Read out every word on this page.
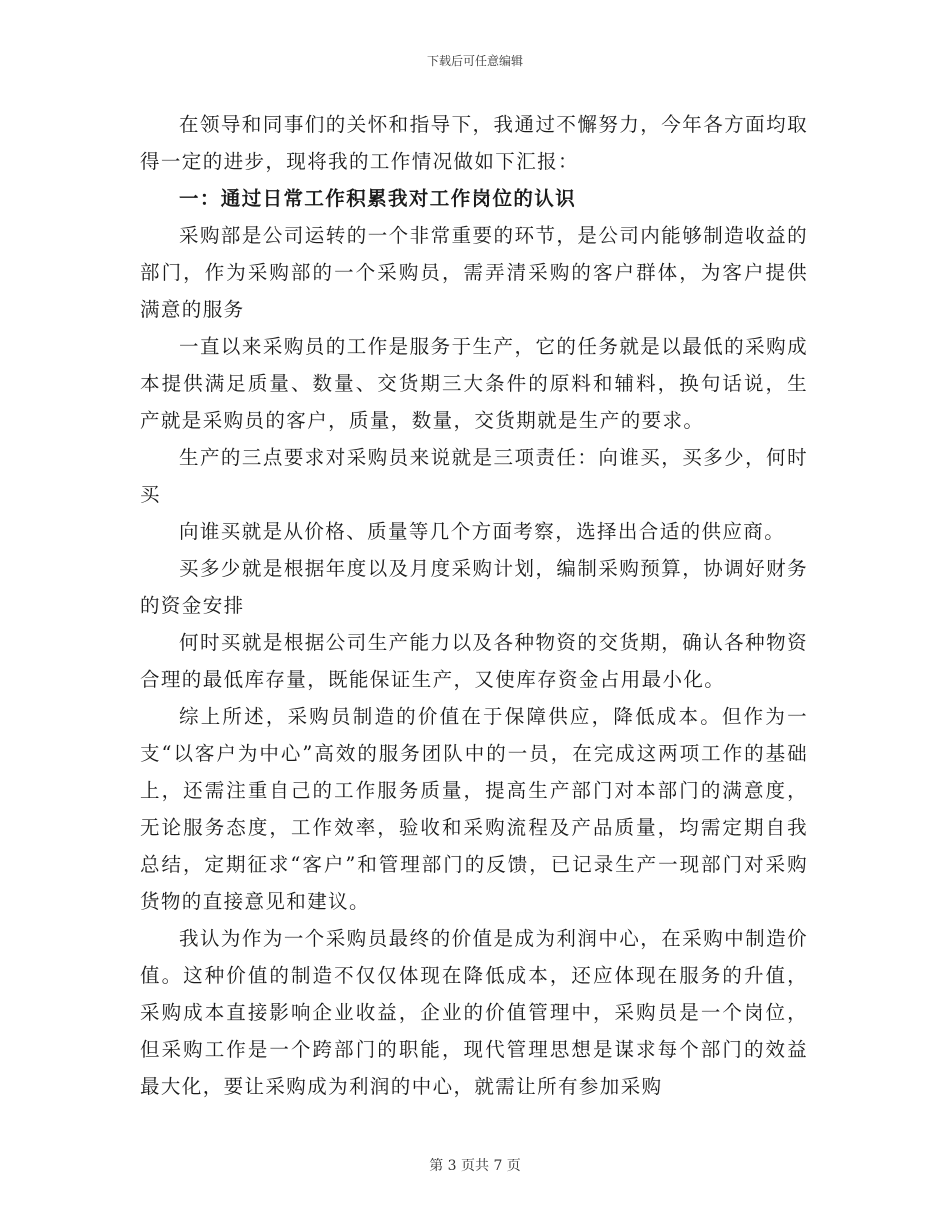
下载后可任意编辑

在领导和同事们的关怀和指导下，我通过不懈努力，今年各方面均取得一定的进步，现将我的工作情况做如下汇报：

一：通过日常工作积累我对工作岗位的认识

采购部是公司运转的一个非常重要的环节，是公司内能够制造收益的部门，作为采购部的一个采购员，需弄清采购的客户群体，为客户提供满意的服务

一直以来采购员的工作是服务于生产，它的任务就是以最低的采购成本提供满足质量、数量、交货期三大条件的原料和辅料，换句话说，生产就是采购员的客户，质量，数量，交货期就是生产的要求。

生产的三点要求对采购员来说就是三项责任：向谁买，买多少，何时买

向谁买就是从价格、质量等几个方面考察，选择出合适的供应商。

买多少就是根据年度以及月度采购计划，编制采购预算，协调好财务的资金安排

何时买就是根据公司生产能力以及各种物资的交货期，确认各种物资合理的最低库存量，既能保证生产，又使库存资金占用最小化。

综上所述，采购员制造的价值在于保障供应，降低成本。但作为一支“以客户为中心”高效的服务团队中的一员，在完成这两项工作的基础上，还需注重自己的工作服务质量，提高生产部门对本部门的满意度，无论服务态度，工作效率，验收和采购流程及产品质量，均需定期自我总结，定期征求“客户”和管理部门的反馈，已记录生产一现部门对采购货物的直接意见和建议。

我认为作为一个采购员最终的价值是成为利润中心，在采购中制造价值。这种价值的制造不仅仅体现在降低成本，还应体现在服务的升值，采购成本直接影响企业收益，企业的价值管理中，采购员是一个岗位，但采购工作是一个跨部门的职能，现代管理思想是谋求每个部门的效益最大化，要让采购成为利润的中心，就需让所有参加采购

第 3 页共 7 页
